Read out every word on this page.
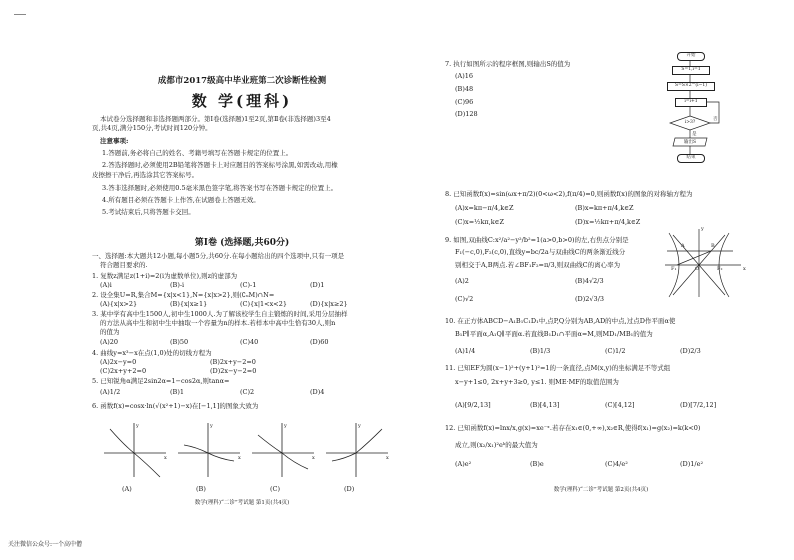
成都市2017级高中毕业班第二次诊断性检测
数 学(理科)
本试卷分选择题和非选择题两部分。第Ⅰ卷(选择题)1至2页,第Ⅱ卷(非选择题)3至4
页,共4页,满分150分,考试时间120分钟。
注意事项:
1.答题前,务必将自己的姓名、考籍号填写在答题卡规定的位置上。
2.答选择题时,必须使用2B铅笔将答题卡上对应题目的答案标号涂黑,如需改动,用橡
皮擦擦干净后,再选涂其它答案标号。
3.答非选择题时,必须使用0.5毫米黑色签字笔,将答案书写在答题卡规定的位置上。
4.所有题目必须在答题卡上作答,在试题卷上答题无效。
5.考试结束后,只将答题卡交回。
第Ⅰ卷 (选择题,共60分)
一、选择题:本大题共12小题,每小题5分,共60分.在每小题给出的四个选项中,只有一项是
符合题目要求的.
1. 复数z满足z(1+i)=2(i为虚数单位),则z的虚部为
(A)i	(B)-i	(C)-1	(D)1
2. 设全集U=R,集合M={x|x<1},N={x|x>2},则(∁ᵤM)∩N=
(A){x|x>2}	(B){x|x≥1}	(C){x|1<x<2}	(D){x|x≥2}
3. 某中学有高中生1500人,初中生1000人.为了解该校学生自主锻炼的时间,采用分层抽样
的方法从高中生和初中生中抽取一个容量为n的样本.若样本中高中生恰有30人,则n
的值为
(A)20	(B)50	(C)40	(D)60
4. 曲线y=x³−x在点(1,0)处的切线方程为
(A)2x−y=0	(B)2x+y−2=0
(C)2x+y+2=0	(D)2x−y−2=0
5. 已知锐角α满足2sin2α=1−cos2α,则tanα=
(A)1/2	(B)1	(C)2	(D)4
6. 函数f(x)=cosx·ln(√(x²+1)−x)在[−1,1]的图象大致为
y
x
y
x
y
x
y
x
(A)	(B)	(C)	(D)
数学(理科)“二诊”考试题 第1页(共4页)
7. 执行如图所示的程序框图,则输出S的值为
(A)16
(B)48
(C)96
(D)128
开始
S=1,i=1
S=S×2^(i−1)
i=i+1
i>3?
否
是
输出S
结束
8. 已知函数f(x)=sin(ωx+π/2)(0<ω<2),f(π/4)=0,则函数f(x)的图象的对称轴方程为
(A)x=kπ−π/4,k∈Z	(B)x=kπ+π/4,k∈Z
(C)x=½kπ,k∈Z	(D)x=½kπ+π/4,k∈Z
9. 如图,双曲线C:x²/a²−y²/b²=1(a>0,b>0)的左,右焦点分别是
F₁(−c,0),F₂(c,0),直线y=bc/2a与双曲线C的两条渐近线分
别相交于A,B两点.若∠BF₁F₂=π/3,则双曲线C的离心率为
(A)2	(B)4√2/3
(C)√2	(D)2√3/3
y
A	B
O
F₁	F₂	x
10. 在正方体ABCD−A₁B₁C₁D₁中,点P,Q分别为AB,AD的中点,过点D作平面α使
B₁P∥平面α,A₁Q∥平面α.若直线B₁D₁∩平面α=M,则MD₁/MB₁的值为
(A)1/4	(B)1/3	(C)1/2	(D)2/3
11. 已知EF为圆(x−1)²+(y+1)²=1的一条直径,点M(x,y)的坐标满足不等式组
x−y+1≤0, 2x+y+3≥0, y≤1. 则ME·MF的取值范围为
(A)[9/2,13]	(B)[4,13]	(C)[4,12]	(D)[7/2,12]
12. 已知函数f(x)=lnx/x,g(x)=xe⁻ˣ.若存在x₁∈(0,+∞),x₂∈R,使得f(x₁)=g(x₂)=k(k<0)
成立,则(x₂/x₁)²eᵏ的最大值为
(A)e²	(B)e	(C)4/e²	(D)1/e²
数学(理科)“二诊”考试题 第2页(共4页)
关注微信公众号:一个高中僧
